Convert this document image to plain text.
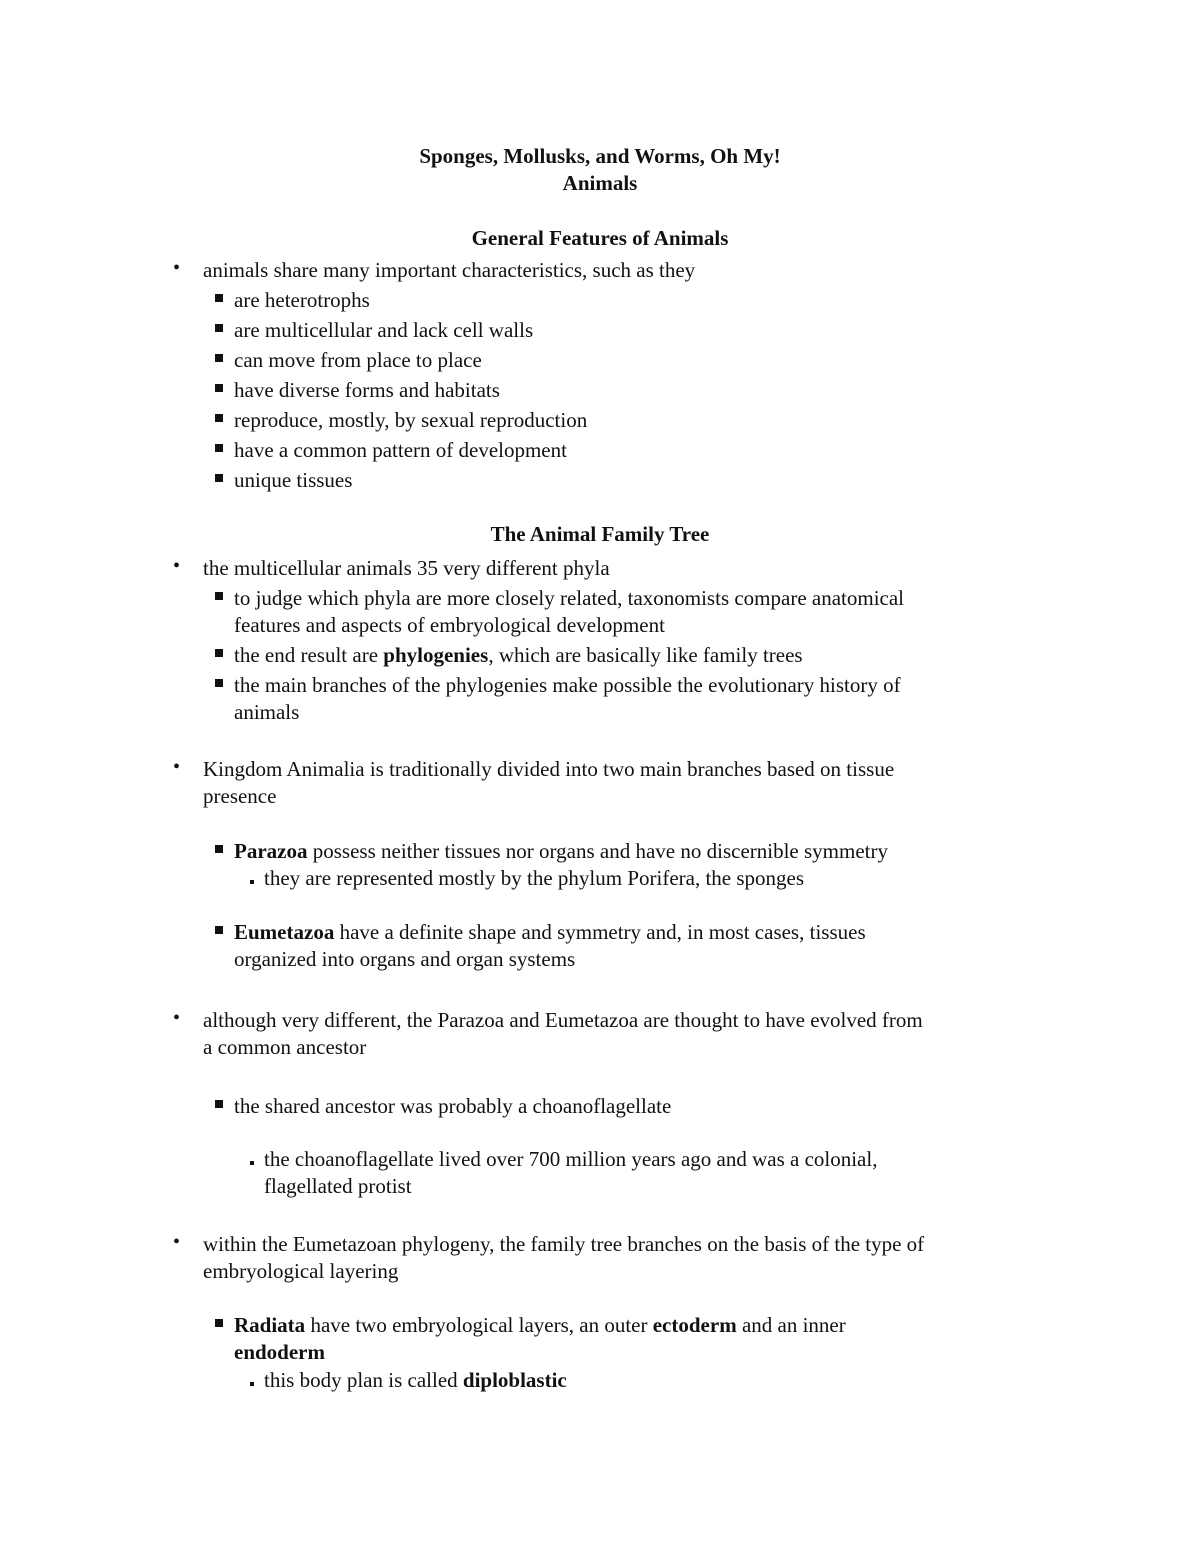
Sponges, Mollusks, and Worms, Oh My!
Animals
General Features of Animals
• animals share many important characteristics, such as they
are heterotrophs
are multicellular and lack cell walls
can move from place to place
have diverse forms and habitats
reproduce, mostly, by sexual reproduction
have a common pattern of development
unique tissues
The Animal Family Tree
• the multicellular animals 35 very different phyla
to judge which phyla are more closely related, taxonomists compare anatomical
features and aspects of embryological development
the end result are phylogenies, which are basically like family trees
the main branches of the phylogenies make possible the evolutionary history of
animals
• Kingdom Animalia is traditionally divided into two main branches based on tissue
presence
Parazoa possess neither tissues nor organs and have no discernible symmetry
they are represented mostly by the phylum Porifera, the sponges
Eumetazoa have a definite shape and symmetry and, in most cases, tissues
organized into organs and organ systems
• although very different, the Parazoa and Eumetazoa are thought to have evolved from
a common ancestor
the shared ancestor was probably a choanoflagellate
the choanoflagellate lived over 700 million years ago and was a colonial,
flagellated protist
• within the Eumetazoan phylogeny, the family tree branches on the basis of the type of
embryological layering
Radiata have two embryological layers, an outer ectoderm and an inner
endoderm
this body plan is called diploblastic
